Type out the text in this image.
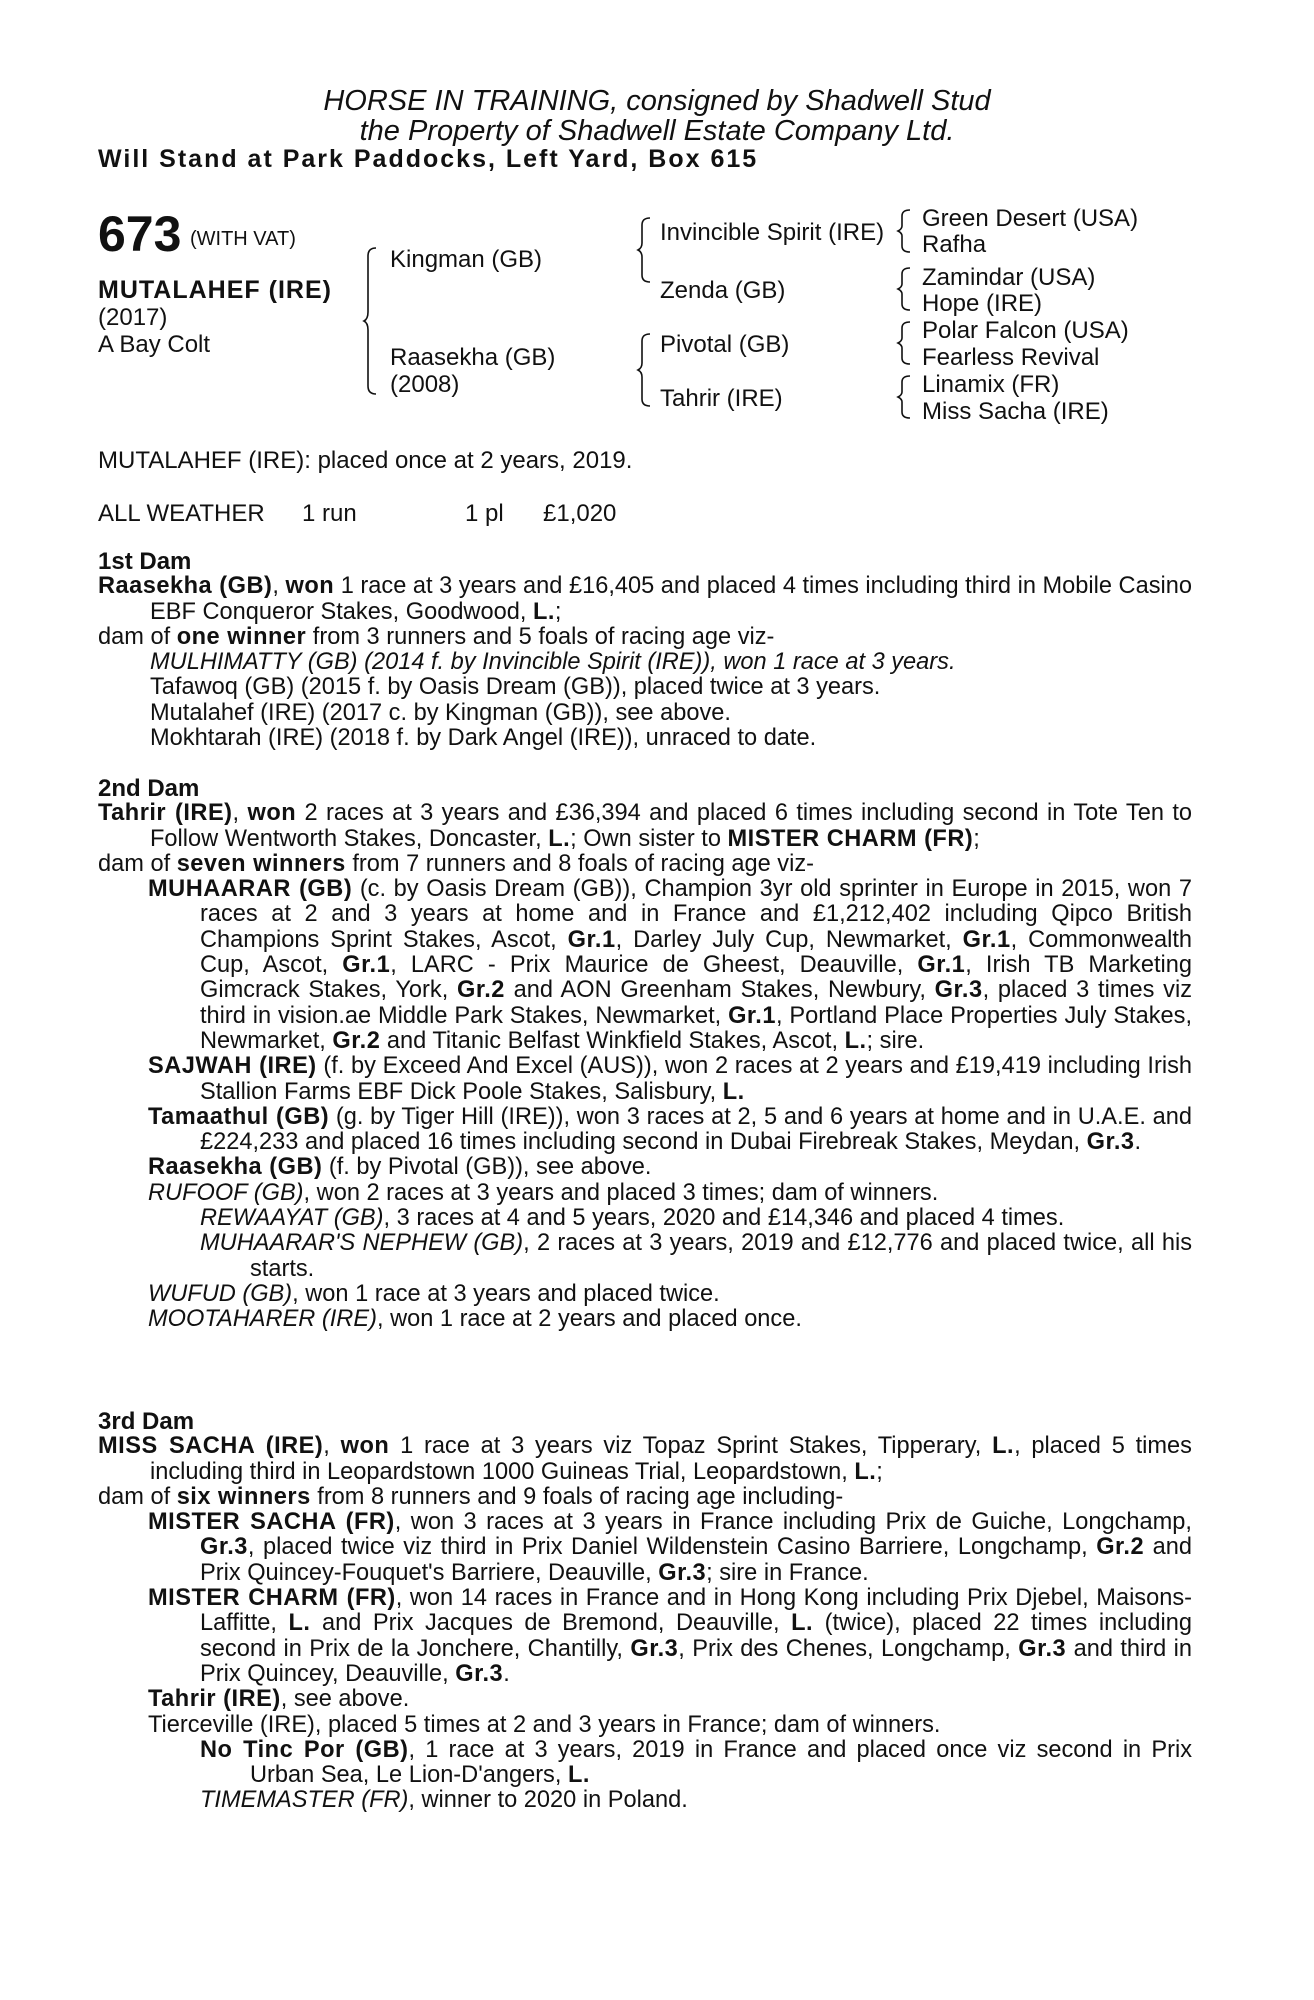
HORSE IN TRAINING, consigned by Shadwell Stud
the Property of Shadwell Estate Company Ltd.
Will Stand at Park Paddocks, Left Yard, Box 615
673 (WITH VAT)
MUTALAHEF (IRE)
(2017)
A Bay Colt
Kingman (GB)
Raasekha (GB)
(2008)
Invincible Spirit (IRE)
Zenda (GB)
Pivotal (GB)
Tahrir (IRE)
Green Desert (USA)
Rafha
Zamindar (USA)
Hope (IRE)
Polar Falcon (USA)
Fearless Revival
Linamix (FR)
Miss Sacha (IRE)
MUTALAHEF (IRE): placed once at 2 years, 2019.
ALL WEATHER 1 run	1 pl £1,020

1st Dam

Raasekha (GB), won 1 race at 3 years and £16,405 and placed 4 times including third in Mobile Casino EBF Conqueror Stakes, Goodwood, L.;

dam of one winner from 3 runners and 5 foals of racing age viz-

MULHIMATTY (GB) (2014 f. by Invincible Spirit (IRE)), won 1 race at 3 years.

Tafawoq (GB) (2015 f. by Oasis Dream (GB)), placed twice at 3 years.

Mutalahef (IRE) (2017 c. by Kingman (GB)), see above.

Mokhtarah (IRE) (2018 f. by Dark Angel (IRE)), unraced to date.

2nd Dam

Tahrir (IRE), won 2 races at 3 years and £36,394 and placed 6 times including second in Tote Ten to Follow Wentworth Stakes, Doncaster, L.; Own sister to MISTER CHARM (FR);

dam of seven winners from 7 runners and 8 foals of racing age viz-

MUHAARAR (GB) (c. by Oasis Dream (GB)), Champion 3yr old sprinter in Europe in 2015, won 7 races at 2 and 3 years at home and in France and £1,212,402 including Qipco British Champions Sprint Stakes, Ascot, Gr.1, Darley July Cup, Newmarket, Gr.1, Commonwealth Cup, Ascot, Gr.1, LARC - Prix Maurice de Gheest, Deauville, Gr.1, Irish TB Marketing Gimcrack Stakes, York, Gr.2 and AON Greenham Stakes, Newbury, Gr.3, placed 3 times viz third in vision.ae Middle Park Stakes, Newmarket, Gr.1, Portland Place Properties July Stakes, Newmarket, Gr.2 and Titanic Belfast Winkfield Stakes, Ascot, L.; sire.

SAJWAH (IRE) (f. by Exceed And Excel (AUS)), won 2 races at 2 years and £19,419 including Irish Stallion Farms EBF Dick Poole Stakes, Salisbury, L.

Tamaathul (GB) (g. by Tiger Hill (IRE)), won 3 races at 2, 5 and 6 years at home and in U.A.E. and £224,233 and placed 16 times including second in Dubai Firebreak Stakes, Meydan, Gr.3.

Raasekha (GB) (f. by Pivotal (GB)), see above.

RUFOOF (GB), won 2 races at 3 years and placed 3 times; dam of winners.

REWAAYAT (GB), 3 races at 4 and 5 years, 2020 and £14,346 and placed 4 times.

MUHAARAR'S NEPHEW (GB), 2 races at 3 years, 2019 and £12,776 and placed twice, all his starts.

WUFUD (GB), won 1 race at 3 years and placed twice.

MOOTAHARER (IRE), won 1 race at 2 years and placed once.

3rd Dam

MISS SACHA (IRE), won 1 race at 3 years viz Topaz Sprint Stakes, Tipperary, L., placed 5 times including third in Leopardstown 1000 Guineas Trial, Leopardstown, L.;

dam of six winners from 8 runners and 9 foals of racing age including-

MISTER SACHA (FR), won 3 races at 3 years in France including Prix de Guiche, Longchamp, Gr.3, placed twice viz third in Prix Daniel Wildenstein Casino Barriere, Longchamp, Gr.2 and Prix Quincey-Fouquet's Barriere, Deauville, Gr.3; sire in France.

MISTER CHARM (FR), won 14 races in France and in Hong Kong including Prix Djebel, Maisons-Laffitte, L. and Prix Jacques de Bremond, Deauville, L. (twice), placed 22 times including second in Prix de la Jonchere, Chantilly, Gr.3, Prix des Chenes, Longchamp, Gr.3 and third in Prix Quincey, Deauville, Gr.3.

Tahrir (IRE), see above.

Tierceville (IRE), placed 5 times at 2 and 3 years in France; dam of winners.

No Tinc Por (GB), 1 race at 3 years, 2019 in France and placed once viz second in Prix Urban Sea, Le Lion-D'angers, L.

TIMEMASTER (FR), winner to 2020 in Poland.
